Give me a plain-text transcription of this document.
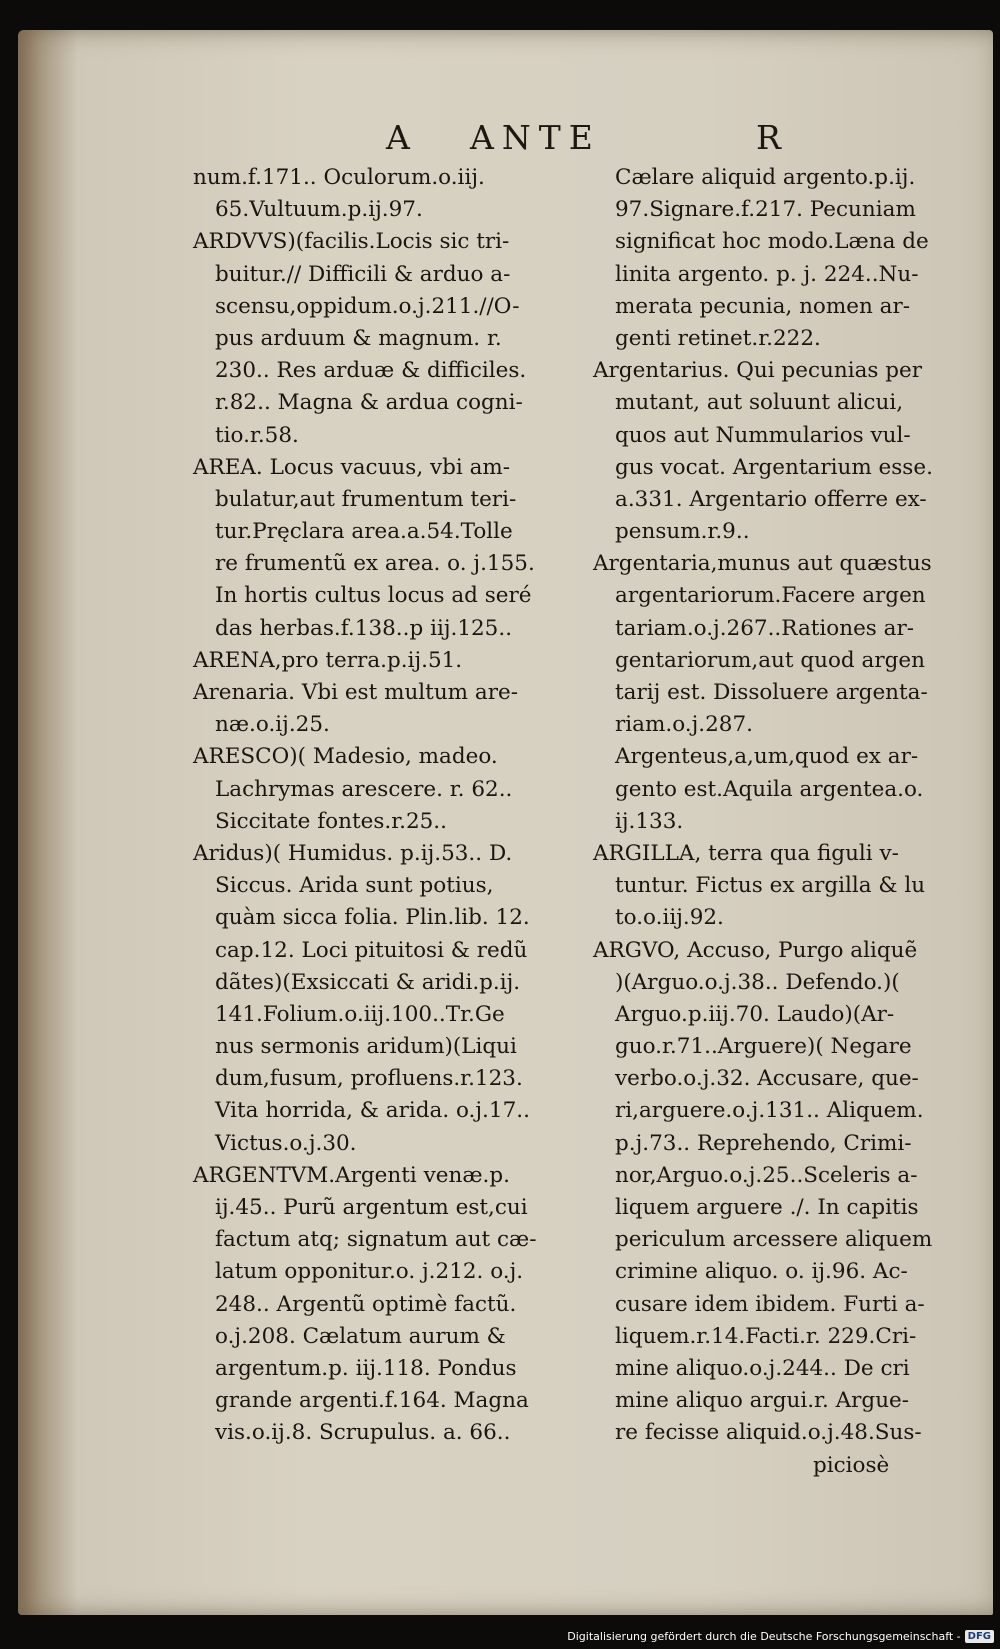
A ANTE	R
num.f.171.. Oculorum.o.iij.
65.Vultuum.p.ij.97.
ARDVVS)(facilis.Locis sic tri-
buitur.// Difficili & arduo a-
scensu,oppidum.o.j.211.//O-
pus arduum & magnum. r.
230.. Res arduæ & difficiles.
r.82.. Magna & ardua cogni-
tio.r.58.
AREA. Locus vacuus, vbi am-
bulatur,aut frumentum teri-
tur.Pręclara area.a.54.Tolle
re frumentũ ex area. o. j.155.
In hortis cultus locus ad seré
das herbas.f.138..p iij.125..
ARENA,pro terra.p.ij.51.
Arenaria. Vbi est multum are-
næ.o.ij.25.
ARESCO)( Madesio, madeo.
Lachrymas arescere. r. 62..
Siccitate fontes.r.25..
Aridus)( Humidus. p.ij.53.. D.
Siccus. Arida sunt potius,
quàm sicca folia. Plin.lib. 12.
cap.12. Loci pituitosi & redũ
dãtes)(Exsiccati & aridi.p.ij.
141.Folium.o.iij.100..Tr.Ge
nus sermonis aridum)(Liqui
dum,fusum, profluens.r.123.
Vita horrida, & arida. o.j.17..
Victus.o.j.30.
ARGENTVM.Argenti venæ.p.
ij.45.. Purũ argentum est,cui
factum atq; signatum aut cæ-
latum opponitur.o. j.212. o.j.
248.. Argentũ optimè factũ.
o.j.208. Cælatum aurum &
argentum.p. iij.118. Pondus
grande argenti.f.164. Magna
vis.o.ij.8. Scrupulus. a. 66..
Cælare aliquid argento.p.ij.
97.Signare.f.217. Pecuniam
significat hoc modo.Læna de
linita argento. p. j. 224..Nu-
merata pecunia, nomen ar-
genti retinet.r.222.
Argentarius. Qui pecunias per
mutant, aut soluunt alicui,
quos aut Nummularios vul-
gus vocat. Argentarium esse.
a.331. Argentario offerre ex-
pensum.r.9..
Argentaria,munus aut quæstus
argentariorum.Facere argen
tariam.o.j.267..Rationes ar-
gentariorum,aut quod argen
tarij est. Dissoluere argenta-
riam.o.j.287.
Argenteus,a,um,quod ex ar-
gento est.Aquila argentea.o.
ij.133.
ARGILLA, terra qua figuli v-
tuntur. Fictus ex argilla & lu
to.o.iij.92.
ARGVO, Accuso, Purgo aliquẽ
)(Arguo.o.j.38.. Defendo.)(
Arguo.p.iij.70. Laudo)(Ar-
guo.r.71..Arguere)( Negare
verbo.o.j.32. Accusare, que-
ri,arguere.o.j.131.. Aliquem.
p.j.73.. Reprehendo, Crimi-
nor,Arguo.o.j.25..Sceleris a-
liquem arguere ./. In capitis
periculum arcessere aliquem
crimine aliquo. o. ij.96. Ac-
cusare idem ibidem. Furti a-
liquem.r.14.Facti.r. 229.Cri-
mine aliquo.o.j.244.. De cri
mine aliquo argui.r. Argue-
re fecisse aliquid.o.j.48.Sus-
piciosè
Digitalisierung gefördert durch die Deutsche Forschungsgemeinschaft - DFG
